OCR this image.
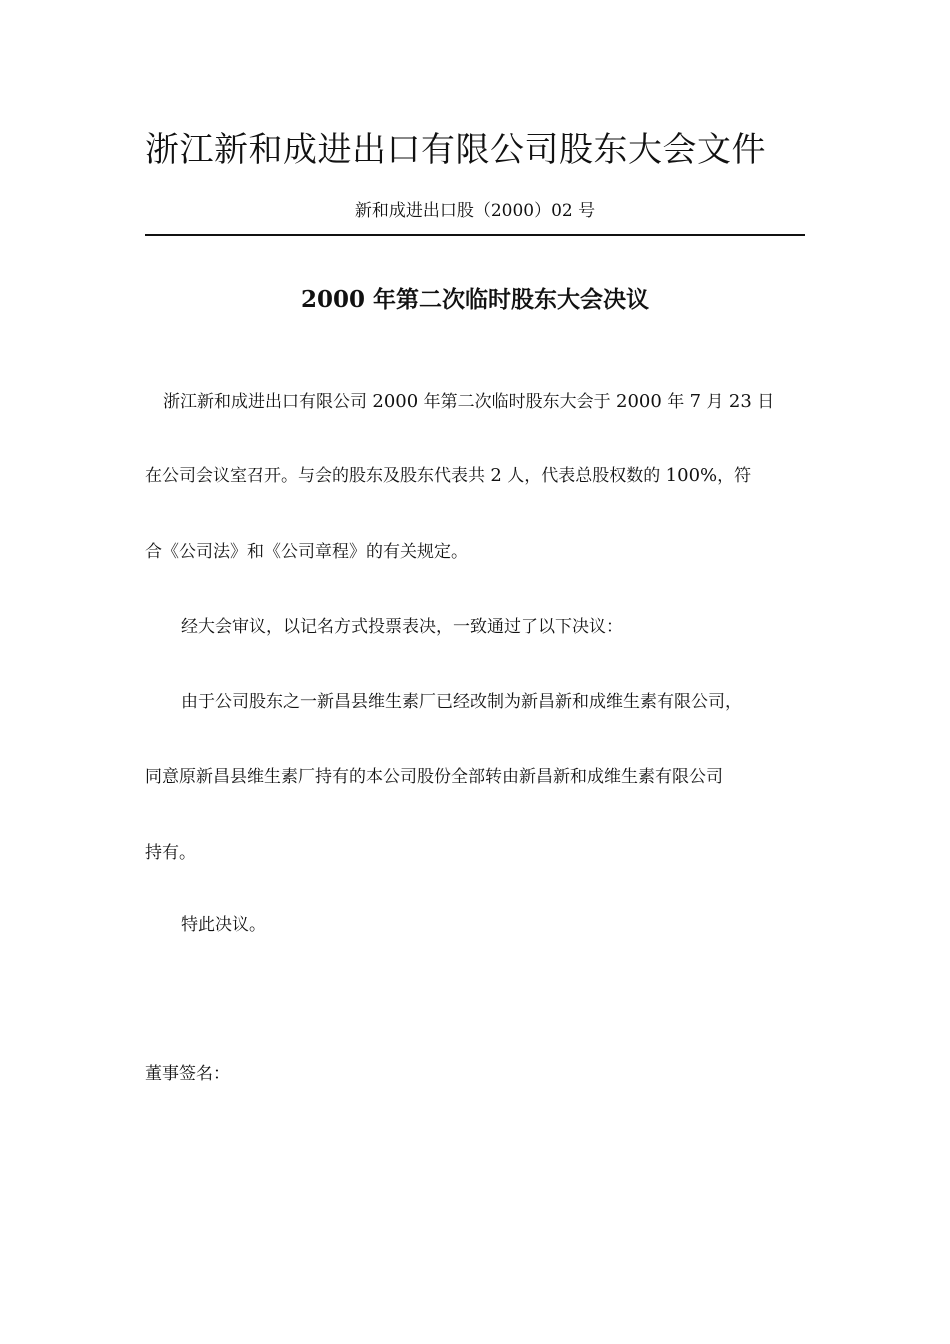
浙江新和成进出口有限公司股东大会文件
新和成进出口股（2000）02 号
2000 年第二次临时股东大会决议
浙江新和成进出口有限公司 2000 年第二次临时股东大会于 2000 年 7 月 23 日
在公司会议室召开。与会的股东及股东代表共 2 人，代表总股权数的 100%，符
合《公司法》和《公司章程》的有关规定。
经大会审议，以记名方式投票表决，一致通过了以下决议：
由于公司股东之一新昌县维生素厂已经改制为新昌新和成维生素有限公司，
同意原新昌县维生素厂持有的本公司股份全部转由新昌新和成维生素有限公司
持有。
特此决议。
董事签名：
